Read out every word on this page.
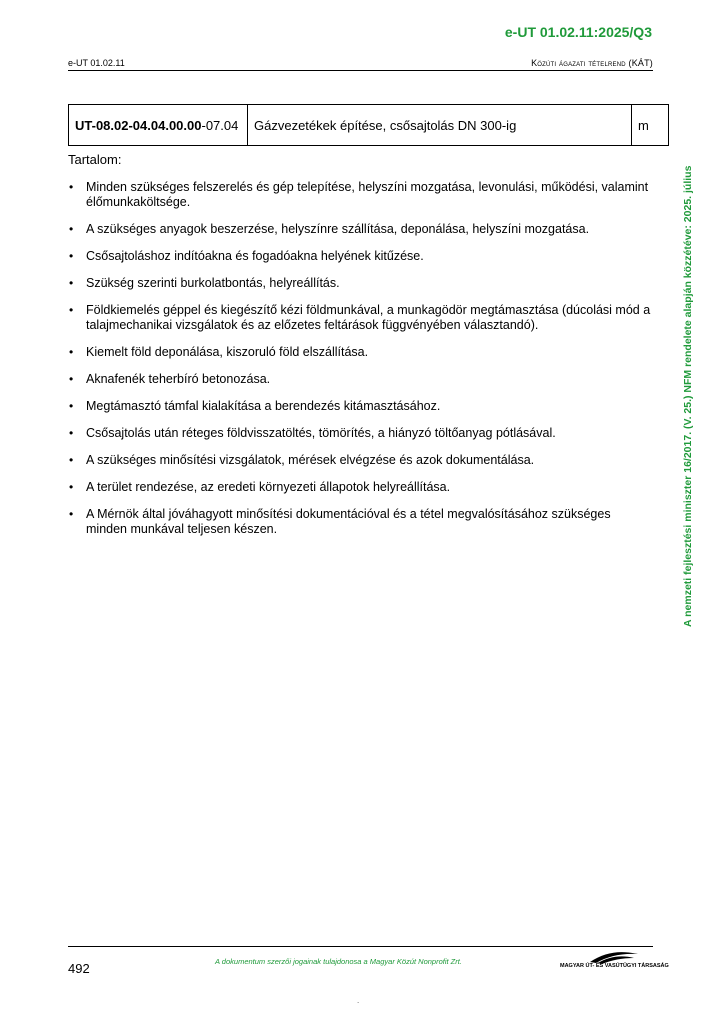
e-UT 01.02.11:2025/Q3
e-UT 01.02.11	Közúti ágazati tételrend (KÁT)
UT-08.02-04.04.00.00-07.04	Gázvezetékek építése, csősajtolás DN 300-ig	m
Tartalom:
• Minden szükséges felszerelés és gép telepítése, helyszíni mozgatása, levonulási, működési, valamint élőmunkaköltsége.
• A szükséges anyagok beszerzése, helyszínre szállítása, deponálása, helyszíni mozgatása.
• Csősajtoláshoz indítóakna és fogadóakna helyének kitűzése.
• Szükség szerinti burkolatbontás, helyreállítás.
• Földkiemelés géppel és kiegészítő kézi földmunkával, a munkagödör megtámasztása (dúcolási mód a talajmechanikai vizsgálatok és az előzetes feltárások függvényében választandó).
• Kiemelt föld deponálása, kiszoruló föld elszállítása.
• Aknafenék teherbíró betonozása.
• Megtámasztó támfal kialakítása a berendezés kitámasztásához.
• Csősajtolás után réteges földvisszatöltés, tömörítés, a hiányzó töltőanyag pótlásával.
• A szükséges minősítési vizsgálatok, mérések elvégzése és azok dokumentálása.
• A terület rendezése, az eredeti környezeti állapotok helyreállítása.
• A Mérnök által jóváhagyott minősítési dokumentációval és a tétel megvalósításához szükséges minden munkával teljesen készen.	A nemzeti fejlesztési miniszter 16/2017. (V. 25.) NFM rendelete alapján közzétéve: 2025. július
492	A dokumentum szerzői jogainak tulajdonosa a Magyar Közút Nonprofit Zrt.	MAGYAR ÚT- ÉS VASÚTÜGYI TÁRSASÁG
.
